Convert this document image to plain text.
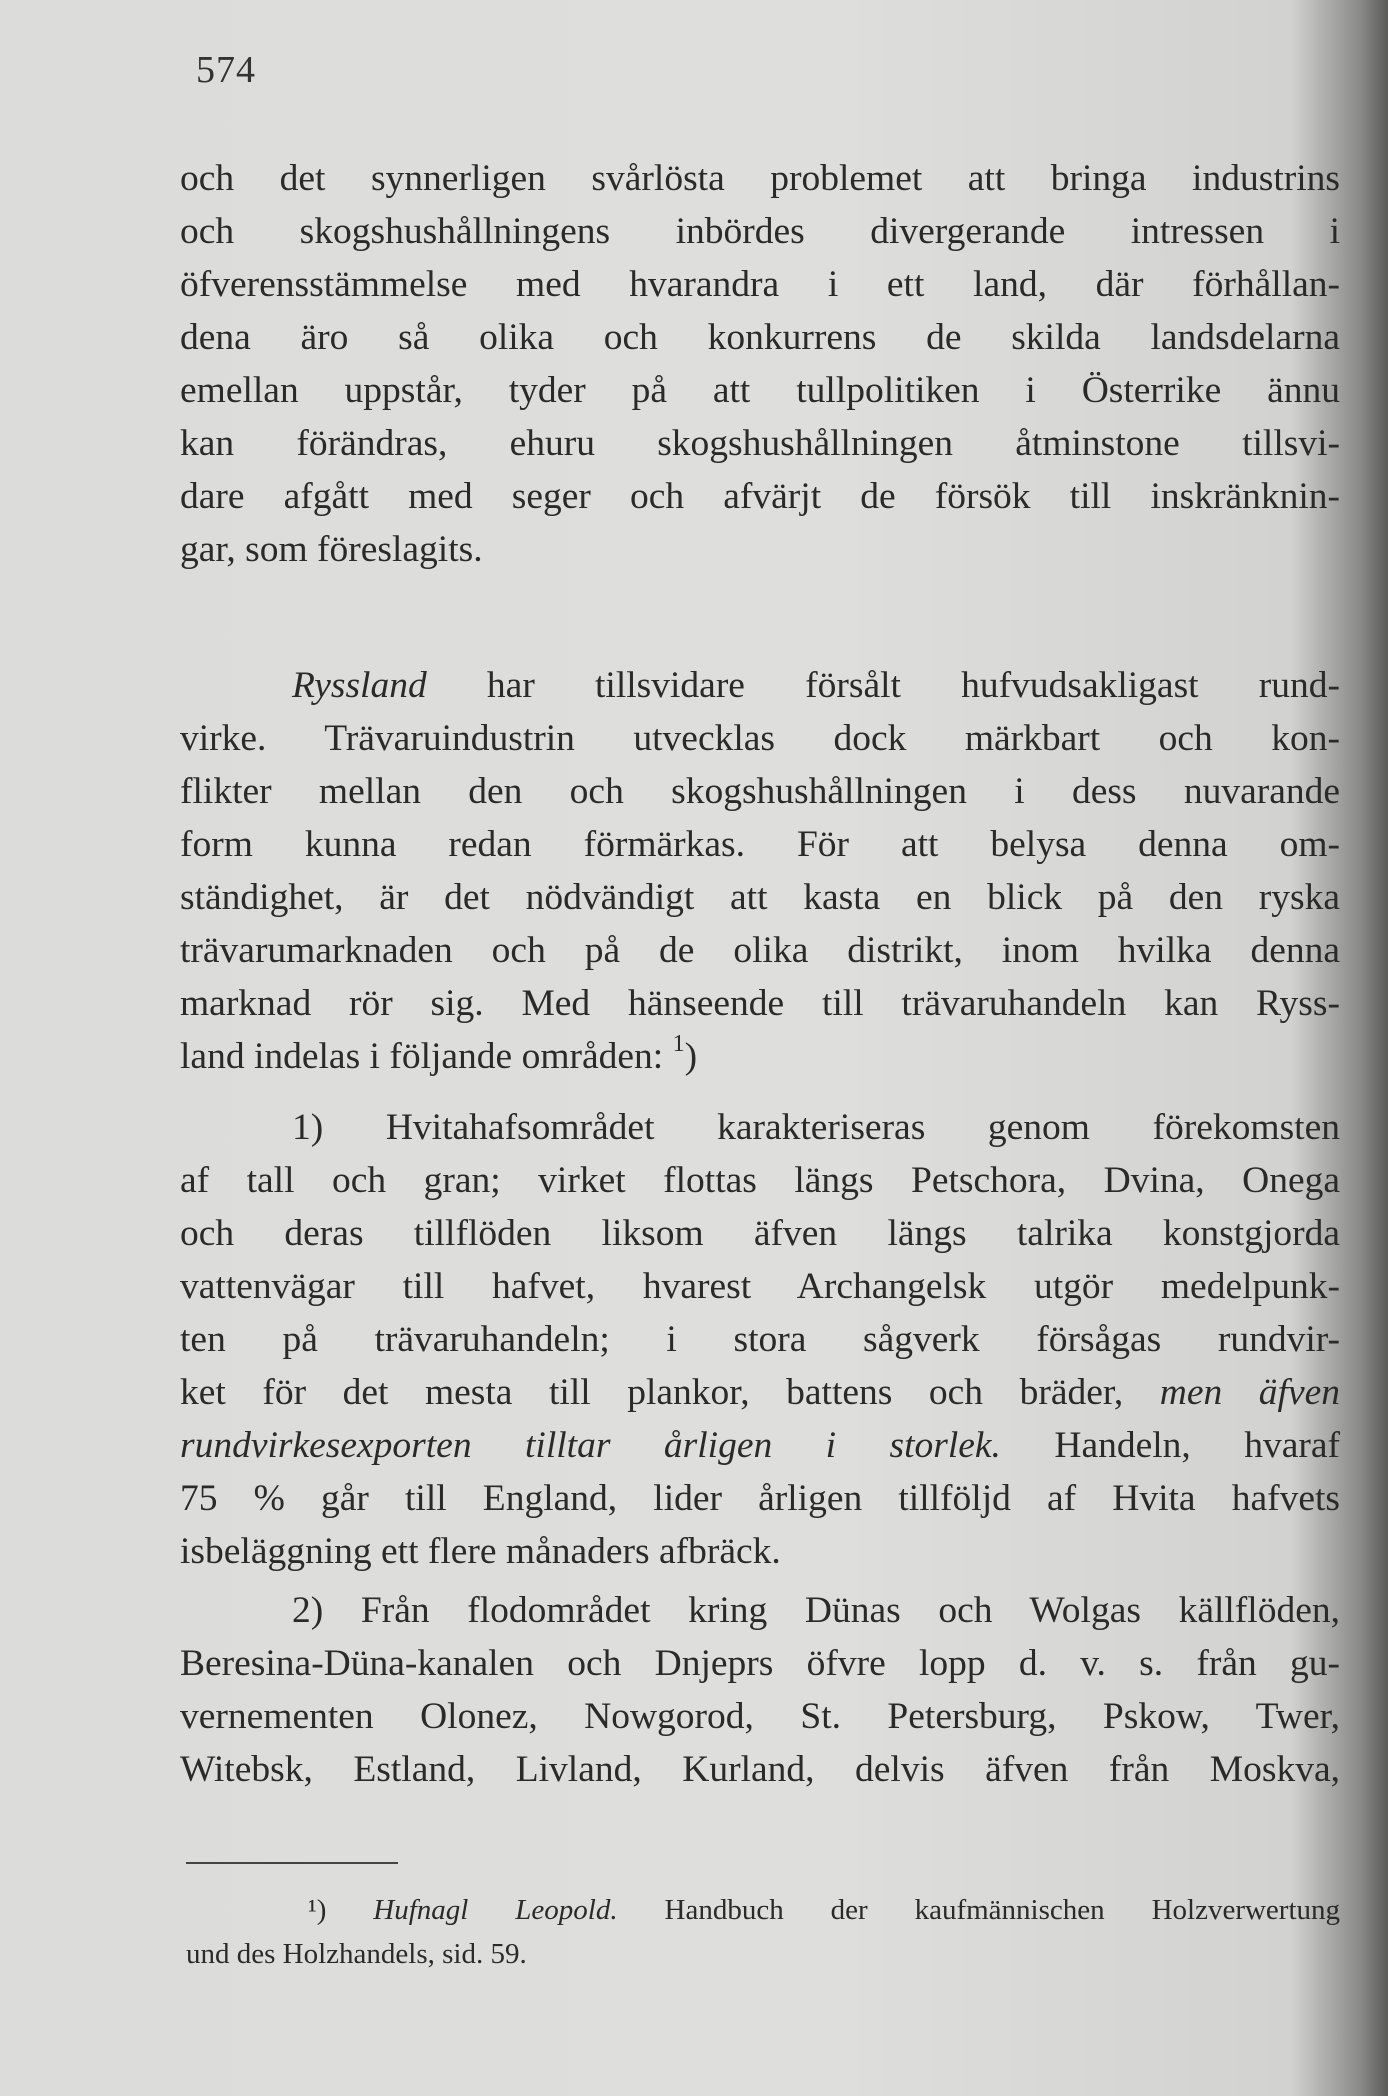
574
och det synnerligen svårlösta problemet att bringa industrins
och skogshushållningens inbördes divergerande intressen i
öfverensstämmelse med hvarandra i ett land, där förhållan-
dena äro så olika och konkurrens de skilda landsdelarna
emellan uppstår, tyder på att tullpolitiken i Österrike ännu
kan förändras, ehuru skogshushållningen åtminstone tillsvi-
dare afgått med seger och afvärjt de försök till inskränknin-
gar, som föreslagits.
Ryssland har tillsvidare försålt hufvudsakligast rund-
virke. Trävaruindustrin utvecklas dock märkbart och kon-
flikter mellan den och skogshushållningen i dess nuvarande
form kunna redan förmärkas. För att belysa denna om-
ständighet, är det nödvändigt att kasta en blick på den ryska
trävarumarknaden och på de olika distrikt, inom hvilka denna
marknad rör sig. Med hänseende till trävaruhandeln kan Ryss-
land indelas i följande områden: $^1$)
1) Hvitahafsområdet karakteriseras genom förekomsten
af tall och gran; virket flottas längs Petschora, Dvina, Onega
och deras tillflöden liksom äfven längs talrika konstgjorda
vattenvägar till hafvet, hvarest Archangelsk utgör medelpunk-
ten på trävaruhandeln; i stora sågverk försågas rundvir-
ket för det mesta till plankor, battens och bräder, men äfven
rundvirkesexporten tilltar årligen i storlek. Handeln, hvaraf
75 % går till England, lider årligen tillföljd af Hvita hafvets
isbeläggning ett flere månaders afbräck.
2) Från flodområdet kring Dünas och Wolgas källflöden,
Beresina-Düna-kanalen och Dnjeprs öfvre lopp d. v. s. från gu-
vernementen Olonez, Nowgorod, St. Petersburg, Pskow, Twer,
Witebsk, Estland, Livland, Kurland, delvis äfven från Moskva,
¹) Hufnagl Leopold. Handbuch der kaufmännischen Holzverwertung
und des Holzhandels, sid. 59.
